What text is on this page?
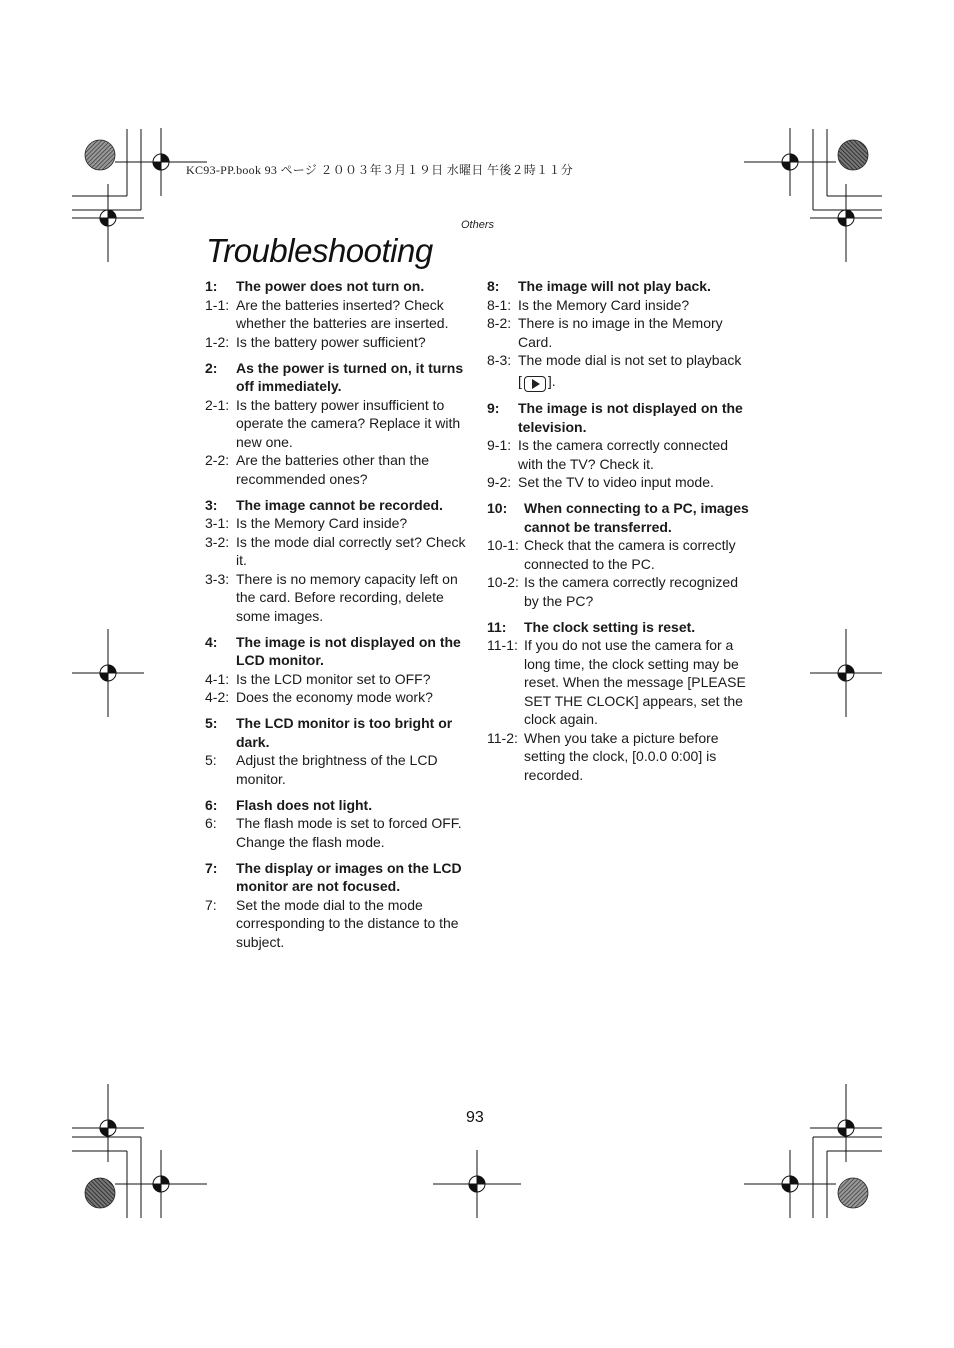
KC93-PP.book 93 ページ ２００３年３月１９日 水曜日 午後２時１１分
Others
Troubleshooting
1:	The power does not turn on.
1-1: Are the batteries inserted? Check whether the batteries are inserted.
1-2: Is the battery power sufficient?
2:	As the power is turned on, it turns off immediately.
2-1: Is the battery power insufficient to operate the camera? Replace it with new one.
2-2: Are the batteries other than the recommended ones?
3:	The image cannot be recorded.
3-1: Is the Memory Card inside?
3-2: Is the mode dial correctly set? Check it.
3-3: There is no memory capacity left on the card. Before recording, delete some images.
4:	The image is not displayed on the LCD monitor.
4-1: Is the LCD monitor set to OFF?
4-2: Does the economy mode work?
5:	The LCD monitor is too bright or dark.
5:	Adjust the brightness of the LCD monitor.
6:	Flash does not light.
6:	The flash mode is set to forced OFF. Change the flash mode.
7:	The display or images on the LCD monitor are not focused.
7:	Set the mode dial to the mode corresponding to the distance to the subject.
8:	The image will not play back.
8-1: Is the Memory Card inside?
8-2: There is no image in the Memory Card.
8-3: The mode dial is not set to playback
[ ].
9:	The image is not displayed on the television.
9-1: Is the camera correctly connected with the TV? Check it.
9-2: Set the TV to video input mode.
10:	When connecting to a PC, images cannot be transferred.
10-1: Check that the camera is correctly connected to the PC.
10-2: Is the camera correctly recognized by the PC?
11:	The clock setting is reset.
11-1: If you do not use the camera for a long time, the clock setting may be reset. When the message [PLEASE SET THE CLOCK] appears, set the clock again.
11-2: When you take a picture before setting the clock, [0.0.0 0:00] is recorded.
93
